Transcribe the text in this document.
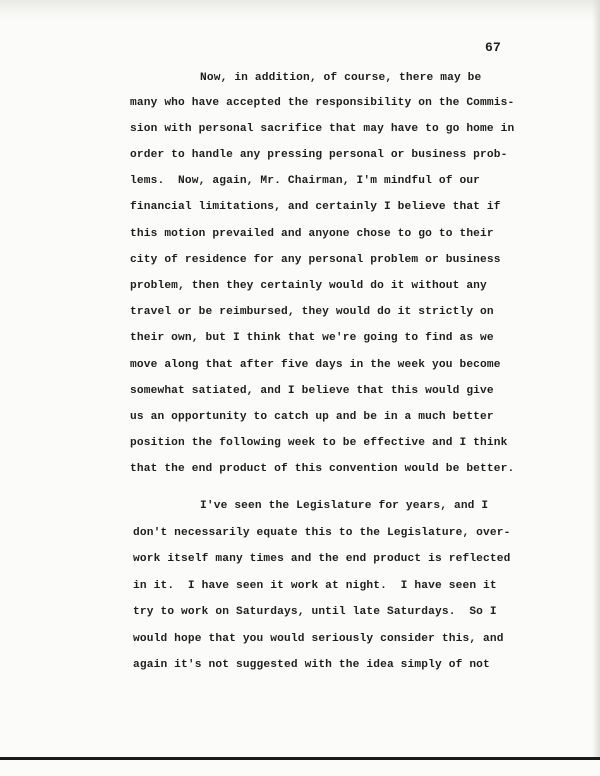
67
Now, in addition, of course, there may be
many who have accepted the responsibility on the Commis-
sion with personal sacrifice that may have to go home in
order to handle any pressing personal or business prob-
lems.  Now, again, Mr. Chairman, I'm mindful of our
financial limitations, and certainly I believe that if
this motion prevailed and anyone chose to go to their
city of residence for any personal problem or business
problem, then they certainly would do it without any
travel or be reimbursed, they would do it strictly on
their own, but I think that we're going to find as we
move along that after five days in the week you become
somewhat satiated, and I believe that this would give
us an opportunity to catch up and be in a much better
position the following week to be effective and I think
that the end product of this convention would be better.
I've seen the Legislature for years, and I
don't necessarily equate this to the Legislature, over-
work itself many times and the end product is reflected
in it.  I have seen it work at night.  I have seen it
try to work on Saturdays, until late Saturdays.  So I
would hope that you would seriously consider this, and
again it's not suggested with the idea simply of not
